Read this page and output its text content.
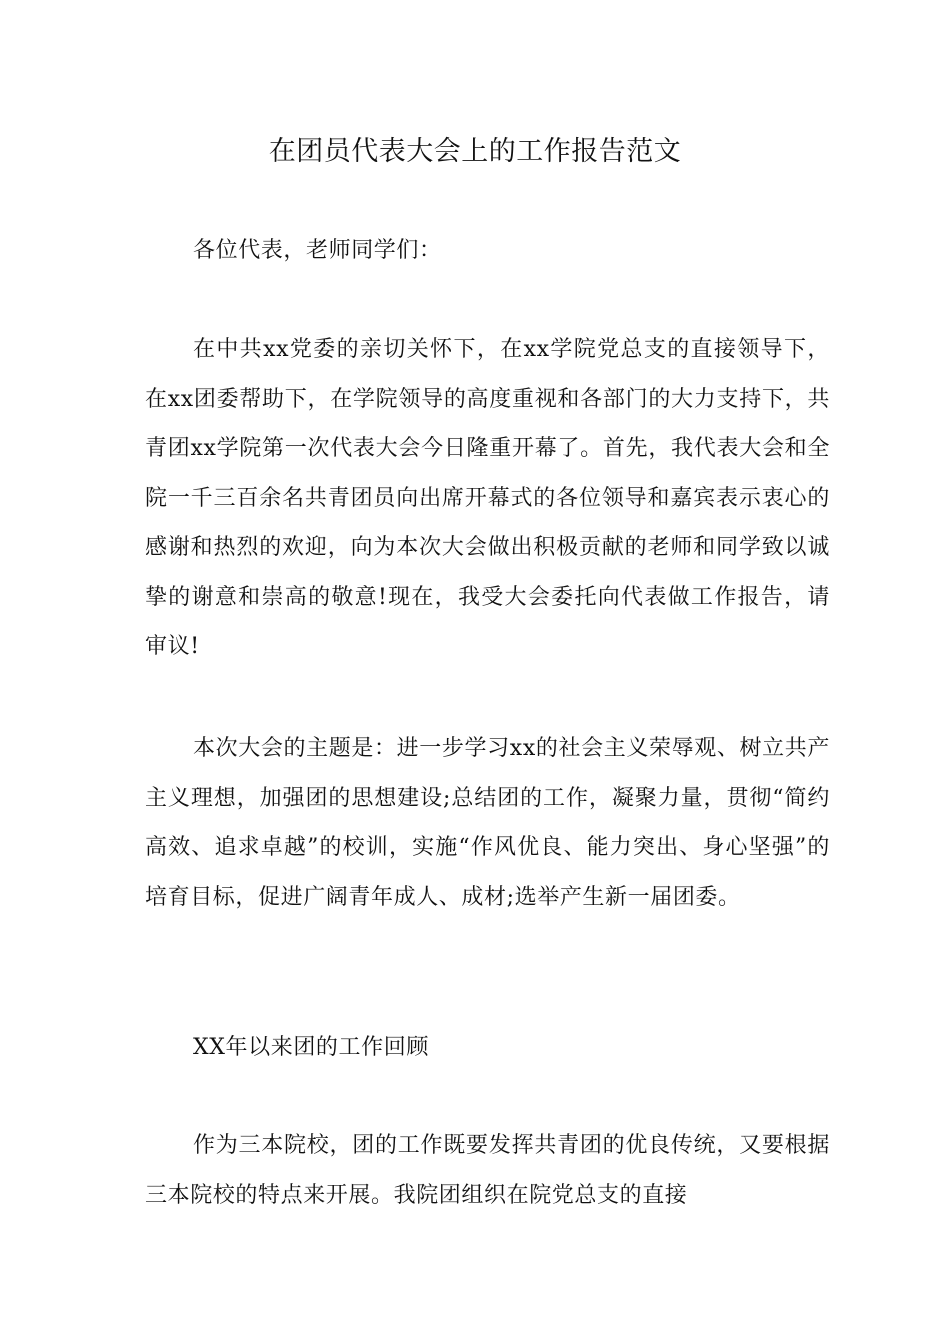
在团员代表大会上的工作报告范文

各位代表，老师同学们：

在中共xx党委的亲切关怀下，在xx学院党总支的直接领导下，在xx团委帮助下，在学院领导的高度重视和各部门的大力支持下，共青团xx学院第一次代表大会今日隆重开幕了。首先，我代表大会和全院一千三百余名共青团员向出席开幕式的各位领导和嘉宾表示衷心的感谢和热烈的欢迎，向为本次大会做出积极贡献的老师和同学致以诚挚的谢意和崇高的敬意!现在，我受大会委托向代表做工作报告，请审议!

本次大会的主题是：进一步学习xx的社会主义荣辱观、树立共产主义理想，加强团的思想建设;总结团的工作，凝聚力量，贯彻“简约高效、追求卓越”的校训，实施“作风优良、能力突出、身心坚强”的培育目标，促进广阔青年成人、成材;选举产生新一届团委。

XX年以来团的工作回顾

作为三本院校，团的工作既要发挥共青团的优良传统，又要根据三本院校的特点来开展。我院团组织在院党总支的直接
